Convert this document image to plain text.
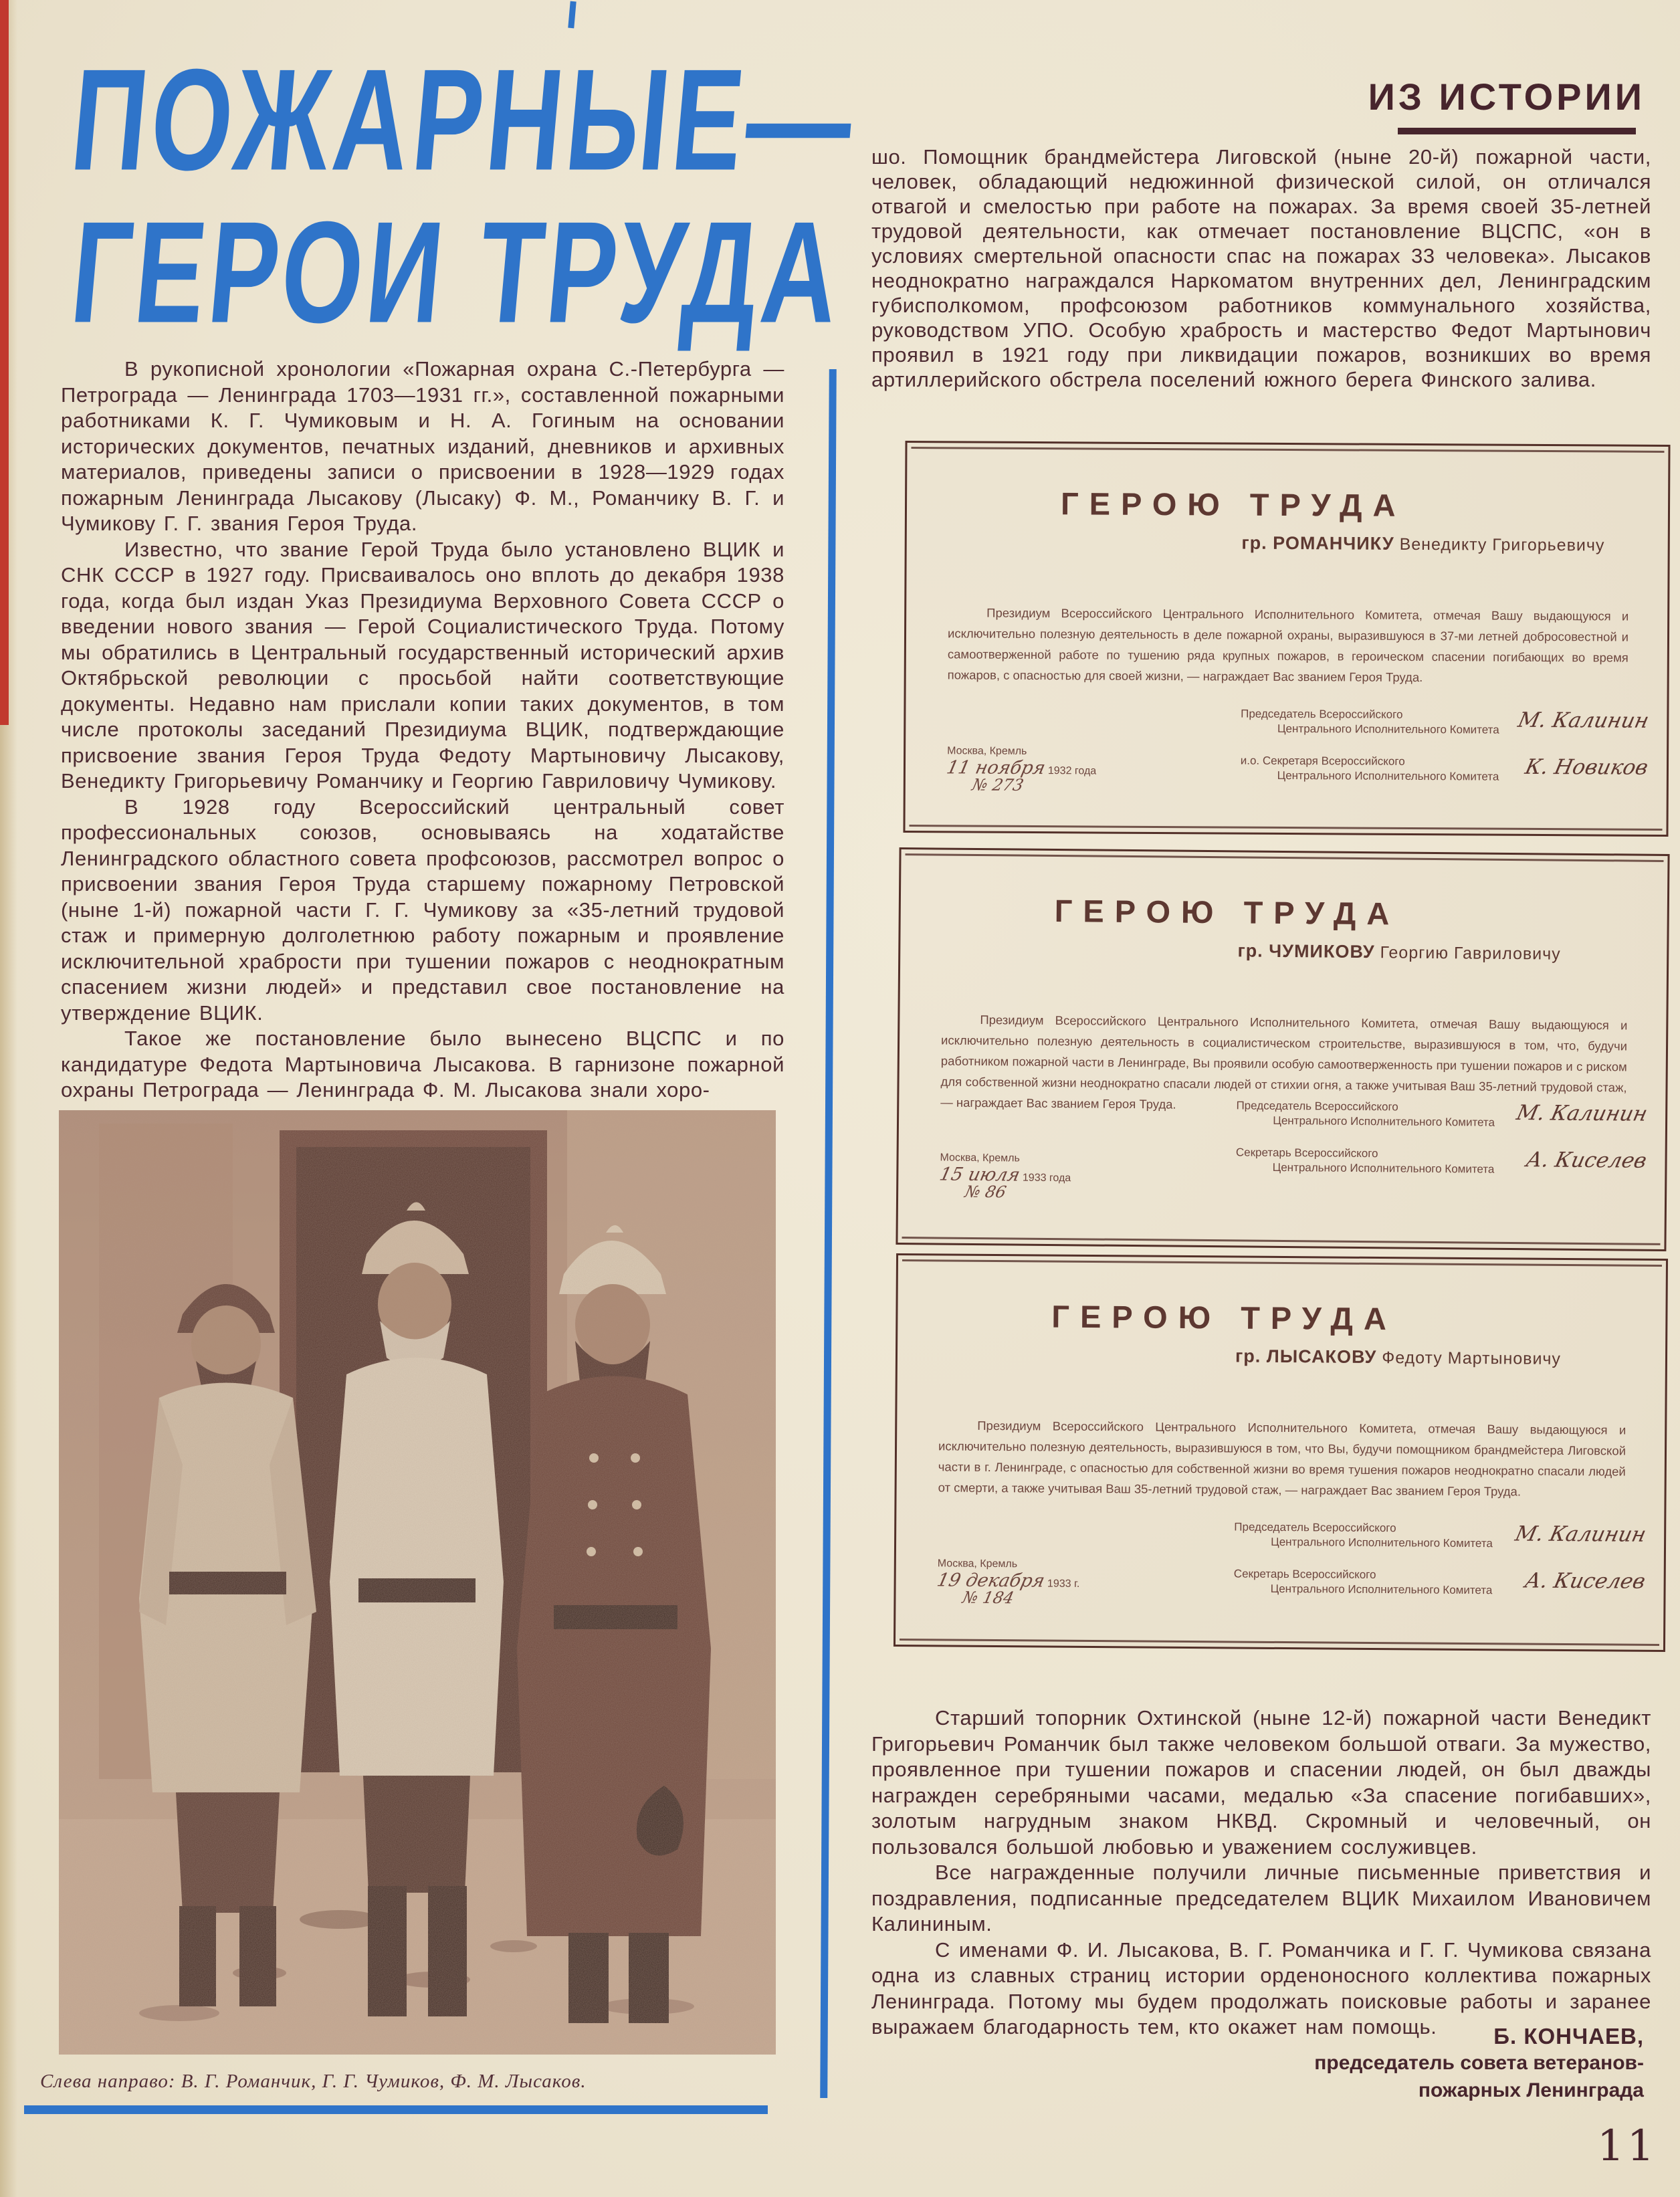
ПОЖАРНЫЕ—
ГЕРОИ ТРУДА
ИЗ ИСТОРИИ

В рукописной хронологии «Пожарная охрана С.-Петербурга — Петрограда — Ленинграда 1703—1931 гг.», составленной пожарными работниками К. Г. Чумиковым и Н. А. Гогиным на основании исторических документов, печатных изданий, дневников и архивных материалов, приведены записи о присвоении в 1928—1929 годах пожарным Ленинграда Лысакову (Лысаку) Ф. М., Романчику В. Г. и Чумикову Г. Г. звания Героя Труда.

Известно, что звание Герой Труда было установлено ВЦИК и СНК СССР в 1927 году. Присваивалось оно вплоть до декабря 1938 года, когда был издан Указ Президиума Верховного Совета СССР о введении нового звания — Герой Социалистического Труда. Потому мы обратились в Центральный государственный исторический архив Октябрьской революции с просьбой найти соответствующие документы. Недавно нам прислали копии таких документов, в том числе протоколы заседаний Президиума ВЦИК, подтверждающие присвоение звания Героя Труда Федоту Мартыновичу Лысакову, Венедикту Григорьевичу Романчику и Георгию Гавриловичу Чумикову.

В 1928 году Всероссийский центральный совет профессиональных союзов, основываясь на ходатайстве Ленинградского областного совета профсоюзов, рассмотрел вопрос о присвоении звания Героя Труда старшему пожарному Петровской (ныне 1-й) пожарной части Г. Г. Чумикову за «35-летний трудовой стаж и примерную долголетнюю работу пожарным и проявление исключительной храбрости при тушении пожаров с неоднократным спасением жизни людей» и представил свое постановление на утверждение ВЦИК.

Такое же постановление было вынесено ВЦСПС и по кандидатуре Федота Мартыновича Лысакова. В гарнизоне пожарной охраны Петрограда — Ленинграда Ф. М. Лысакова знали хоро-

шо. Помощник брандмейстера Лиговской (ныне 20-й) пожарной части, человек, обладающий недюжинной физической силой, он отличался отвагой и смелостью при работе на пожарах. За время своей 35-летней трудовой деятельности, как отмечает постановление ВЦСПС, «он в условиях смертельной опасности спас на пожарах 33 человека». Лысаков неоднократно награждался Наркоматом внутренних дел, Ленинградским губисполкомом, профсоюзом работников коммунального хозяйства, руководством УПО. Особую храбрость и мастерство Федот Мартынович проявил в 1921 году при ликвидации пожаров, возникших во время артиллерийского обстрела поселений южного берега Финского залива.

ГЕРОЮ ТРУДА
гр. РОМАНЧИКУ Венедикту Григорьевичу

Президиум Всероссийского Центрального Исполнительного Комитета, отмечая Вашу выдающуюся и исключительно полезную деятельность в деле пожарной охраны, выразившуюся в 37-ми летней добросовестной и самоотверженной работе по тушению ряда крупных пожаров, в героическом спасении погибающих во время пожаров, с опасностью для своей жизни, — награждает Вас званием Героя Труда.

Председатель Всероссийского
Центрального Исполнительного Комитета М. Калинин
и.о. Секретаря Всероссийского
Центрального Исполнительного Комитета	К. Новиков
Москва, Кремль
11 ноября 1932 года
№ 273
ГЕРОЮ ТРУДА
гр. ЧУМИКОВУ Георгию Гавриловичу

Президиум Всероссийского Центрального Исполнительного Комитета, отмечая Вашу выдающуюся и исключительно полезную деятельность в социалистическом строительстве, выразившуюся в том, что, будучи работником пожарной части в Ленинграде, Вы проявили особую самоотверженность при тушении пожаров и с риском для собственной жизни неоднократно спасали людей от стихии огня, а также учитывая Ваш 35-летний трудовой стаж, — награждает Вас званием Героя Труда.	Председатель Всероссийского
Центрального Исполнительного Комитета М. Калинин
Секретарь Всероссийского
Центрального Исполнительного Комитета	А. Киселев
Москва, Кремль
15 июля 1933 года
№ 86
ГЕРОЮ ТРУДА
гр. ЛЫСАКОВУ Федоту Мартыновичу

Президиум Всероссийского Центрального Исполнительного Комитета, отмечая Вашу выдающуюся и исключительно полезную деятельность, выразившуюся в том, что Вы, будучи помощником брандмейстера Лиговской части в г. Ленинграде, с опасностью для собственной жизни во время тушения пожаров неоднократно спасали людей от смерти, а также учитывая Ваш 35-летний трудовой стаж, — награждает Вас званием Героя Труда.

Председатель Всероссийского
Центрального Исполнительного Комитета М. Калинин
Секретарь Всероссийского
Центрального Исполнительного Комитета	А. Киселев
Москва, Кремль
19 декабря 1933 г.
№ 184

Старший топорник Охтинской (ныне 12-й) пожарной части Венедикт Григорьевич Романчик был также человеком большой отваги. За мужество, проявленное при тушении пожаров и спасении людей, он был дважды награжден серебряными часами, медалью «За спасение погибавших», золотым нагрудным знаком НКВД. Скромный и человечный, он пользовался большой любовью и уважением сослуживцев.

Все награжденные получили личные письменные приветствия и поздравления, подписанные председателем ВЦИК Михаилом Ивановичем Калининым.

С именами Ф. И. Лысакова, В. Г. Романчика и Г. Г. Чумикова связана одна из славных страниц истории орденоносного коллектива пожарных Ленинграда. Потому мы будем продолжать поисковые работы и заранее выражаем благодарность тем, кто окажет нам помощь.

Слева направо: В. Г. Романчик, Г. Г. Чумиков, Ф. М. Лысаков.
Б. КОНЧАЕВ,
председатель совета ветеранов-
пожарных Ленинграда
11
